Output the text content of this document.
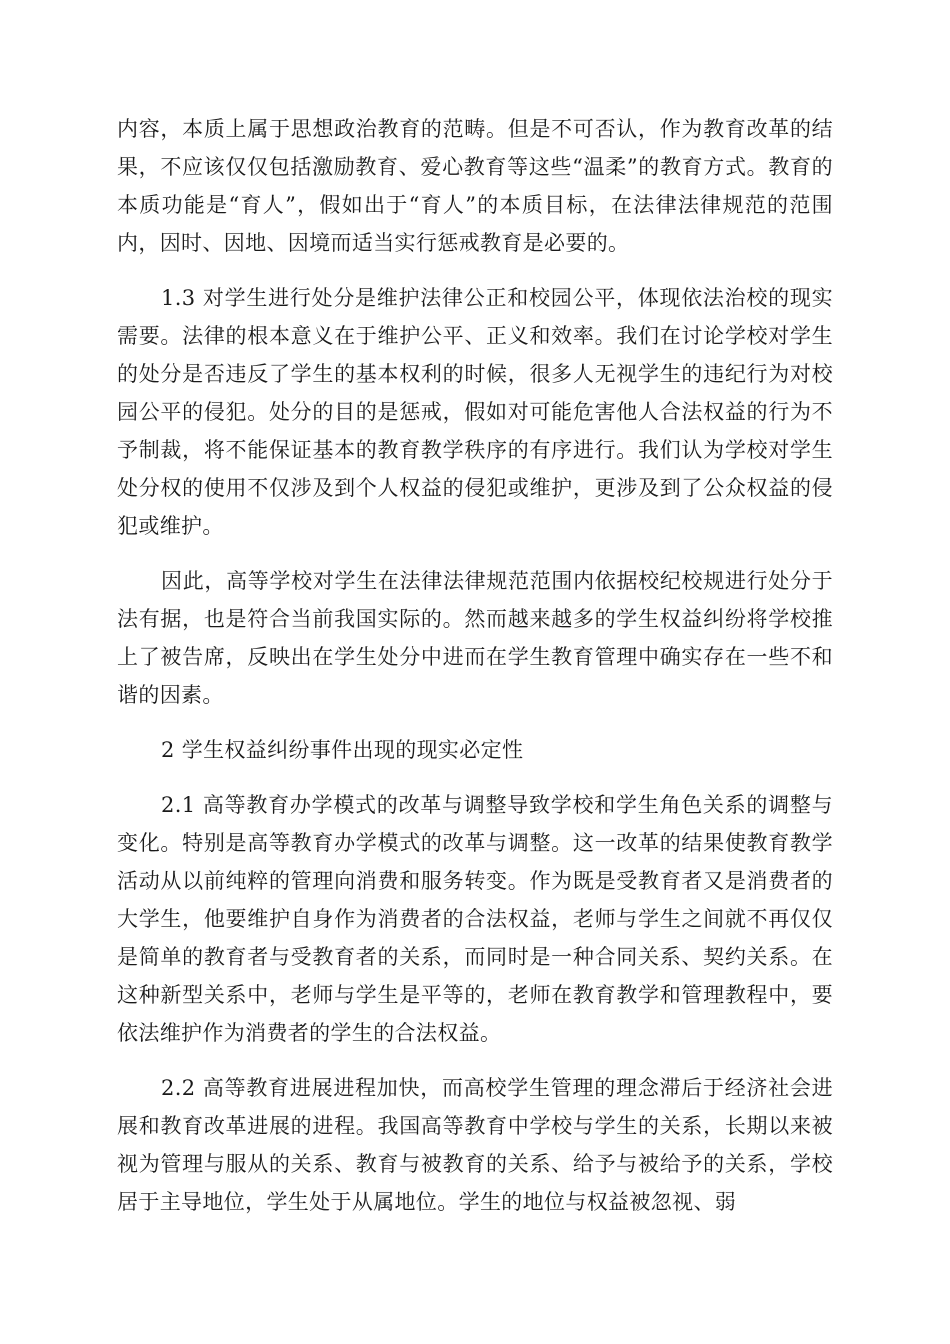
内容，本质上属于思想政治教育的范畴。但是不可否认，作为教育改革的结果，不应该仅仅包括激励教育、爱心教育等这些“温柔”的教育方式。教育的本质功能是“育人”，假如出于“育人”的本质目标，在法律法律规范的范围内，因时、因地、因境而适当实行惩戒教育是必要的。

1.3 对学生进行处分是维护法律公正和校园公平，体现依法治校的现实需要。法律的根本意义在于维护公平、正义和效率。我们在讨论学校对学生的处分是否违反了学生的基本权利的时候，很多人无视学生的违纪行为对校园公平的侵犯。处分的目的是惩戒，假如对可能危害他人合法权益的行为不予制裁，将不能保证基本的教育教学秩序的有序进行。我们认为学校对学生处分权的使用不仅涉及到个人权益的侵犯或维护，更涉及到了公众权益的侵犯或维护。

因此，高等学校对学生在法律法律规范范围内依据校纪校规进行处分于法有据，也是符合当前我国实际的。然而越来越多的学生权益纠纷将学校推上了被告席，反映出在学生处分中进而在学生教育管理中确实存在一些不和谐的因素。

2 学生权益纠纷事件出现的现实必定性

2.1 高等教育办学模式的改革与调整导致学校和学生角色关系的调整与变化。特别是高等教育办学模式的改革与调整。这一改革的结果使教育教学活动从以前纯粹的管理向消费和服务转变。作为既是受教育者又是消费者的大学生，他要维护自身作为消费者的合法权益，老师与学生之间就不再仅仅是简单的教育者与受教育者的关系，而同时是一种合同关系、契约关系。在这种新型关系中，老师与学生是平等的，老师在教育教学和管理教程中，要依法维护作为消费者的学生的合法权益。

2.2 高等教育进展进程加快，而高校学生管理的理念滞后于经济社会进展和教育改革进展的进程。我国高等教育中学校与学生的关系，长期以来被视为管理与服从的关系、教育与被教育的关系、给予与被给予的关系，学校居于主导地位，学生处于从属地位。学生的地位与权益被忽视、弱
